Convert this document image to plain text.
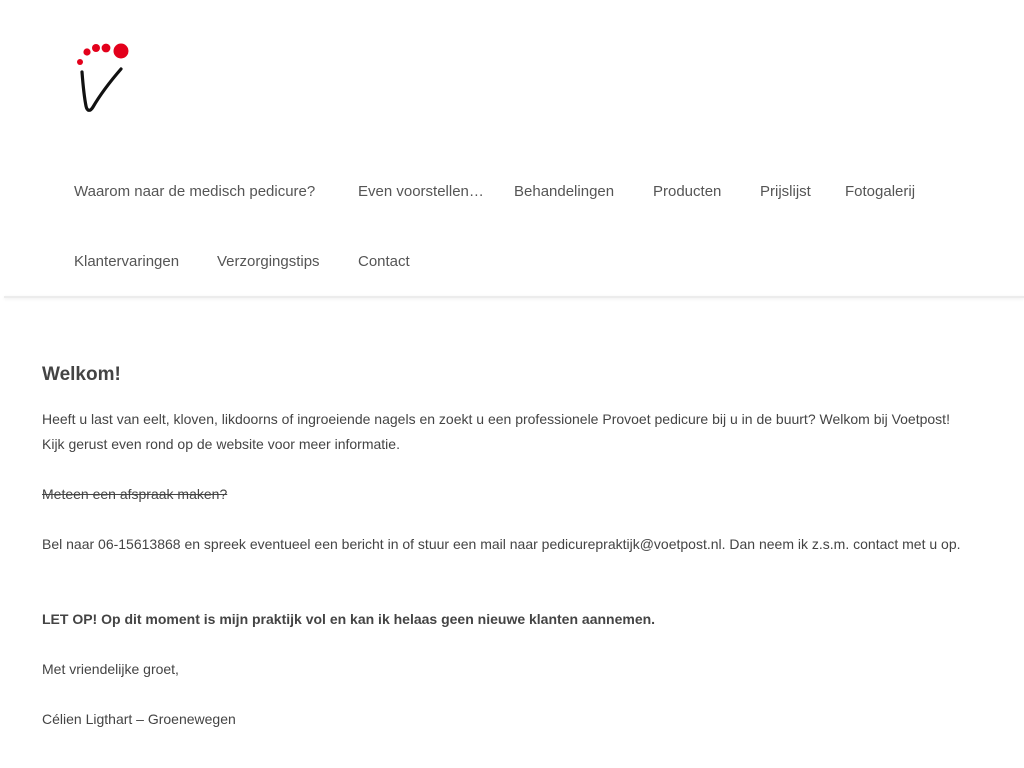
Waarom naar de medisch pedicure?	Even voorstellen… Behandelingen	Producten	Prijslijst Fotogalerij
Klantervaringen	Verzorgingstips	Contact
Welkom!

Heeft u last van eelt, kloven, likdoorns of ingroeiende nagels en zoekt u een professionele Provoet pedicure bij u in de buurt? Welkom bij Voetpost! Kijk gerust even rond op de website voor meer informatie.

Meteen een afspraak maken?

Bel naar 06-15613868 en spreek eventueel een bericht in of stuur een mail naar pedicurepraktijk@voetpost.nl. Dan neem ik z.s.m. contact met u op.

LET OP! Op dit moment is mijn praktijk vol en kan ik helaas geen nieuwe klanten aannemen.

Met vriendelijke groet,

Célien Ligthart – Groenewegen
